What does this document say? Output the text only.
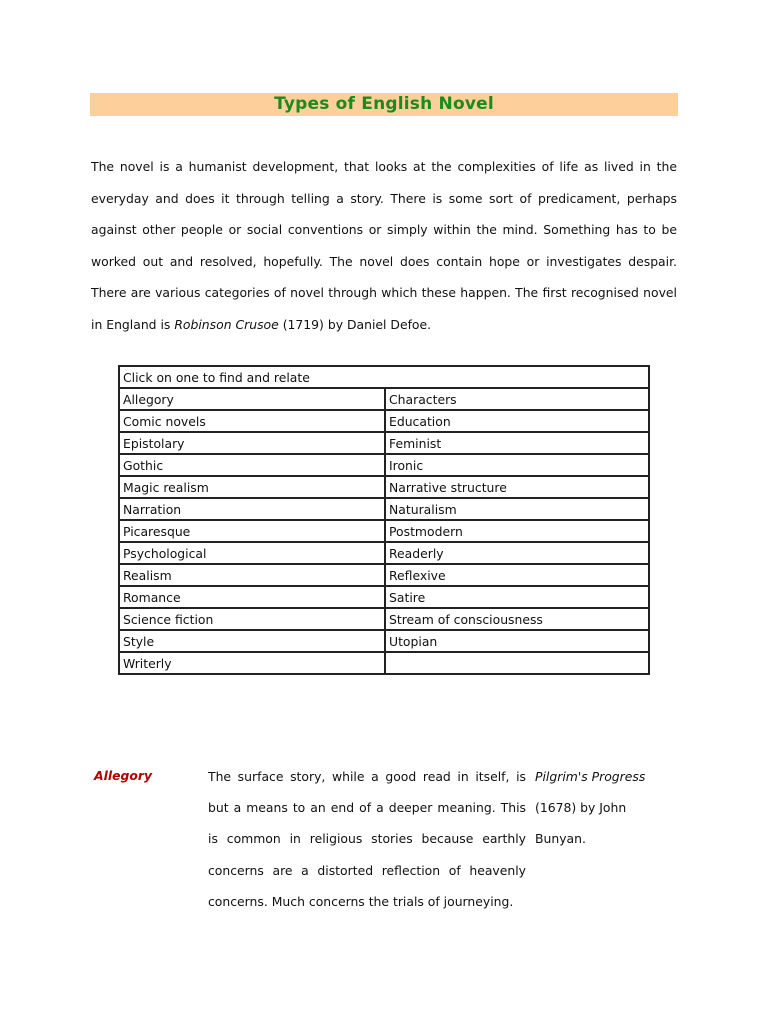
Types of English Novel

The novel is a humanist development, that looks at the complexities of life as lived in the everyday and does it through telling a story. There is some sort of predicament, perhaps against other people or social conventions or simply within the mind. Something has to be worked out and resolved, hopefully. The novel does contain hope or investigates despair. There are various categories of novel through which these happen. The first recognised novel in England is Robinson Crusoe (1719) by Daniel Defoe.

Click on one to find and relate	
Allegory	Characters
Comic novels	Education
Epistolary	Feminist
Gothic	Ironic
Magic realism	Narrative structure
Narration	Naturalism
Picaresque	Postmodern
Psychological	Readerly
Realism	Reflexive
Romance	Satire
Science fiction	Stream of consciousness
Style	Utopian
Writerly	
Allegory	The surface story, while a good read in itself, is but a means to an end of a deeper meaning. This is common in religious stories because earthly concerns are a distorted reflection of heavenly concerns. Much concerns the trials of journeying.

Pilgrim's Progress (1678) by John Bunyan.
